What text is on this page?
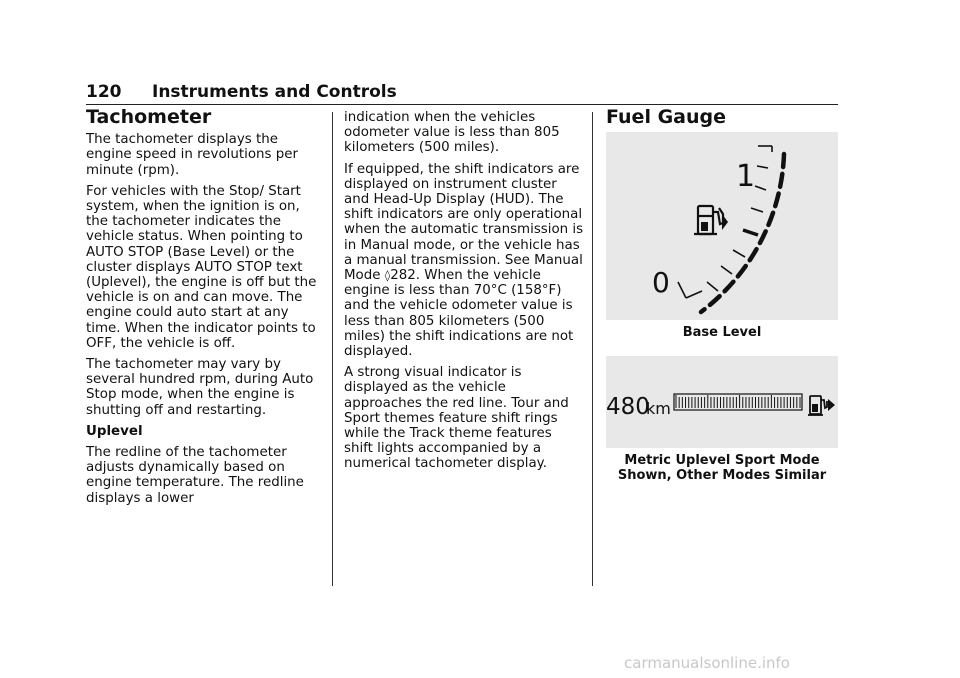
120 Instruments and Controls
Tachometer

The tachometer displays the engine speed in revolutions per minute (rpm).

For vehicles with the Stop/ Start system, when the ignition is on, the tachometer indicates the vehicle status. When pointing to AUTO STOP (Base Level) or the cluster displays AUTO STOP text (Uplevel), the engine is off but the vehicle is on and can move. The engine could auto start at any time. When the indicator points to OFF, the vehicle is off.

The tachometer may vary by several hundred rpm, during Auto Stop mode, when the engine is shutting off and restarting.

Uplevel

The redline of the tachometer adjusts dynamically based on engine temperature. The redline displays a lower

indication when the vehicles odometer value is less than 805 kilometers (500 miles).

If equipped, the shift indicators are displayed on instrument cluster and Head-Up Display (HUD). The shift indicators are only operational when the automatic transmission is in Manual mode, or the vehicle has a manual transmission. See Manual Mode ◊282. When the vehicle engine is less than 70°C (158°F) and the vehicle odometer value is less than 805 kilometers (500 miles) the shift indications are not displayed.

A strong visual indicator is displayed as the vehicle approaches the red line. Tour and Sport themes feature shift rings while the Track theme features shift lights accompanied by a numerical tachometer display.

Fuel Gauge
1
0
Base Level
480
km
Metric Uplevel Sport Mode
Shown, Other Modes Similar
carmanualsonline.info
